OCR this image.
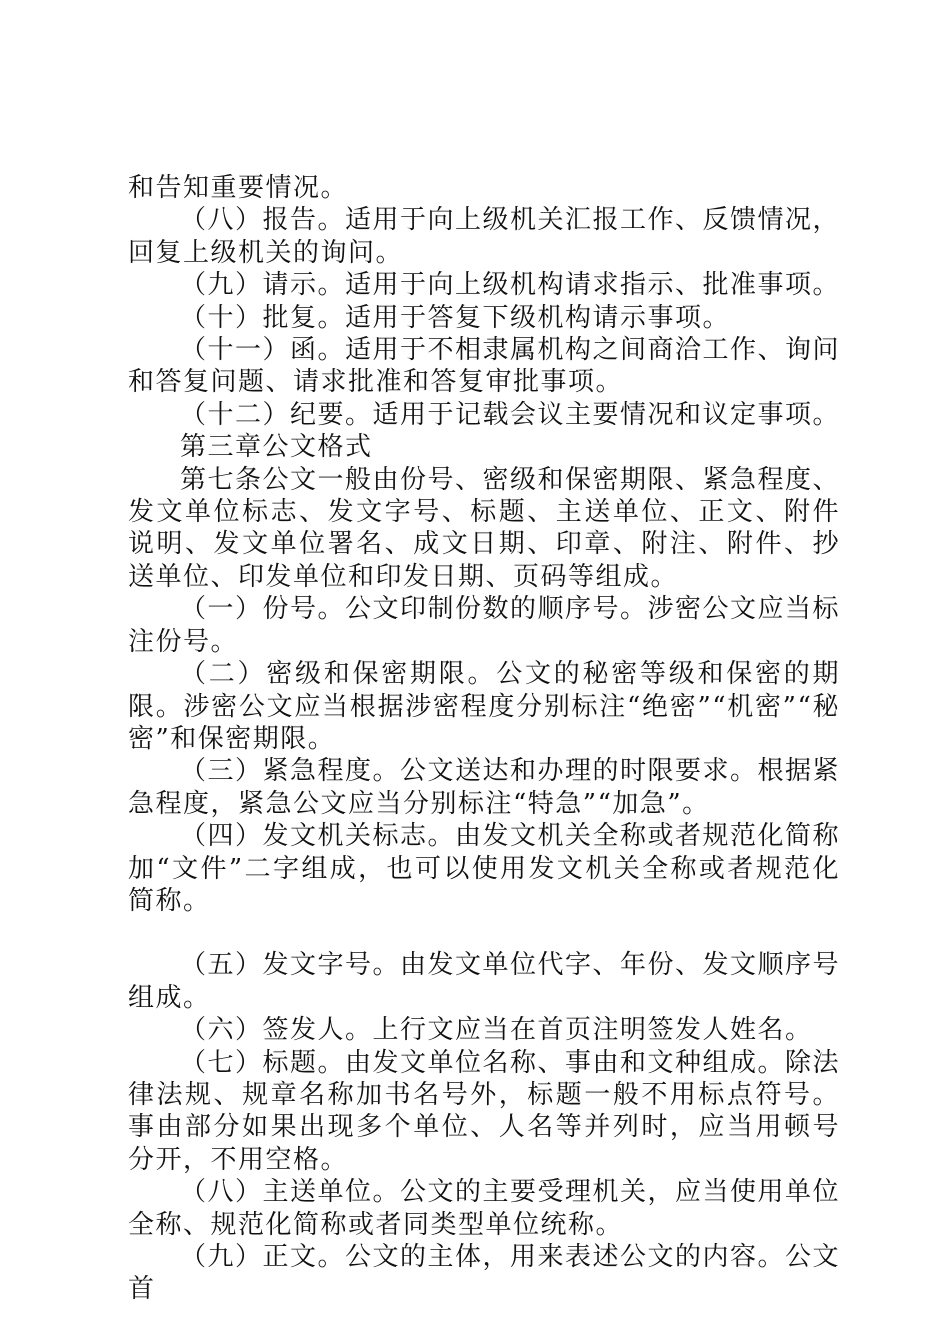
和告知重要情况。

（八）报告。适用于向上级机关汇报工作、反馈情况，回复上级机关的询问。

（九）请示。适用于向上级机构请求指示、批准事项。

（十）批复。适用于答复下级机构请示事项。

（十一）函。适用于不相隶属机构之间商洽工作、询问和答复问题、请求批准和答复审批事项。

（十二）纪要。适用于记载会议主要情况和议定事项。

第三章公文格式

第七条公文一般由份号、密级和保密期限、紧急程度、发文单位标志、发文字号、标题、主送单位、正文、附件说明、发文单位署名、成文日期、印章、附注、附件、抄送单位、印发单位和印发日期、页码等组成。

（一）份号。公文印制份数的顺序号。涉密公文应当标注份号。

（二）密级和保密期限。公文的秘密等级和保密的期限。涉密公文应当根据涉密程度分别标注“绝密”“机密”“秘密”和保密期限。

（三）紧急程度。公文送达和办理的时限要求。根据紧急程度，紧急公文应当分别标注“特急”“加急”。

（四）发文机关标志。由发文机关全称或者规范化简称加“文件”二字组成，也可以使用发文机关全称或者规范化简称。

（五）发文字号。由发文单位代字、年份、发文顺序号组成。

（六）签发人。上行文应当在首页注明签发人姓名。

（七）标题。由发文单位名称、事由和文种组成。除法律法规、规章名称加书名号外，标题一般不用标点符号。事由部分如果出现多个单位、人名等并列时，应当用顿号分开，不用空格。

（八）主送单位。公文的主要受理机关，应当使用单位全称、规范化简称或者同类型单位统称。

（九）正文。公文的主体，用来表述公文的内容。公文首
